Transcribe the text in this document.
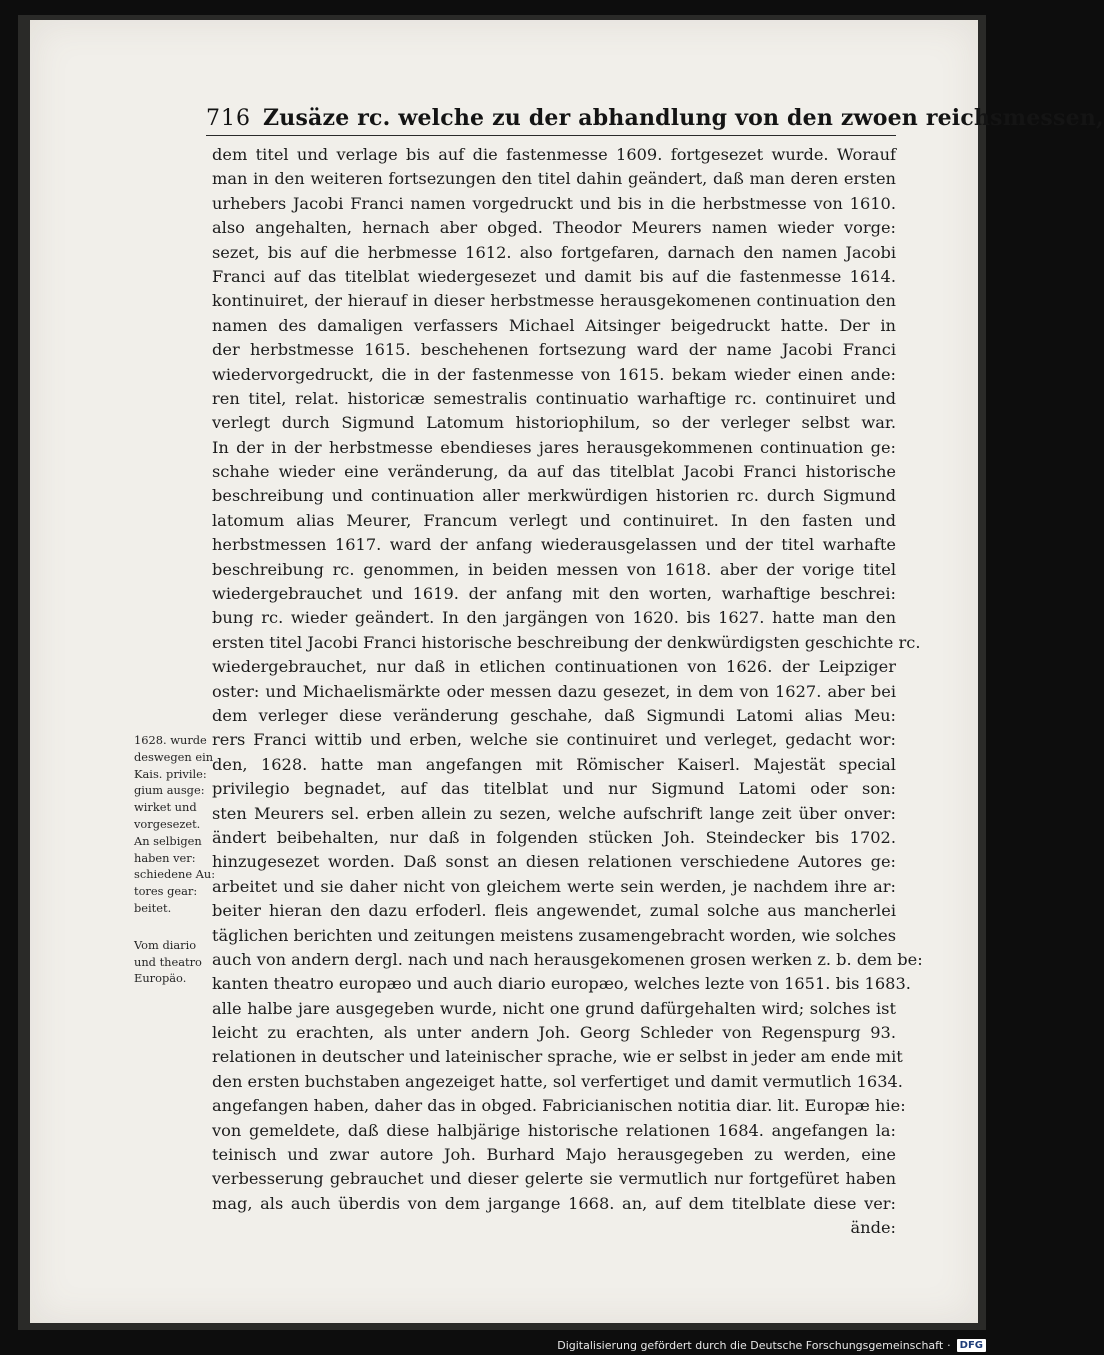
716 Zusäze rc. welche zu der abhandlung von den zwoen reichsmessen,
dem titel und verlage bis auf die fastenmesse 1609. fortgesezet wurde. Worauf
man in den weiteren fortsezungen den titel dahin geändert, daß man deren ersten
urhebers Jacobi Franci namen vorgedruckt und bis in die herbstmesse von 1610.
also angehalten, hernach aber obged. Theodor Meurers namen wieder vorge:
sezet, bis auf die herbmesse 1612. also fortgefaren, darnach den namen Jacobi
Franci auf das titelblat wiedergesezet und damit bis auf die fastenmesse 1614.
kontinuiret, der hierauf in dieser herbstmesse herausgekomenen continuation den
namen des damaligen verfassers Michael Aitsinger beigedruckt hatte. Der in
der herbstmesse 1615. beschehenen fortsezung ward der name Jacobi Franci
wiedervorgedruckt, die in der fastenmesse von 1615. bekam wieder einen ande:
ren titel, relat. historicæ semestralis continuatio warhaftige rc. continuiret und
verlegt durch Sigmund Latomum historiophilum, so der verleger selbst war.
In der in der herbstmesse ebendieses jares herausgekommenen continuation ge:
schahe wieder eine veränderung, da auf das titelblat Jacobi Franci historische
beschreibung und continuation aller merkwürdigen historien rc. durch Sigmund
latomum alias Meurer, Francum verlegt und continuiret. In den fasten und
herbstmessen 1617. ward der anfang wiederausgelassen und der titel warhafte
beschreibung rc. genommen, in beiden messen von 1618. aber der vorige titel
wiedergebrauchet und 1619. der anfang mit den worten, warhaftige beschrei:
bung rc. wieder geändert. In den jargängen von 1620. bis 1627. hatte man den
ersten titel Jacobi Franci historische beschreibung der denkwürdigsten geschichte rc.
wiedergebrauchet, nur daß in etlichen continuationen von 1626. der Leipziger
oster: und Michaelismärkte oder messen dazu gesezet, in dem von 1627. aber bei
dem verleger diese veränderung geschahe, daß Sigmundi Latomi alias Meu:
rers Franci wittib und erben, welche sie continuiret und verleget, gedacht wor:
den, 1628. hatte man angefangen mit Römischer Kaiserl. Majestät special
privilegio begnadet, auf das titelblat und nur Sigmund Latomi oder son:
sten Meurers sel. erben allein zu sezen, welche aufschrift lange zeit über onver:
ändert beibehalten, nur daß in folgenden stücken Joh. Steindecker bis 1702.
hinzugesezet worden. Daß sonst an diesen relationen verschiedene Autores ge:
arbeitet und sie daher nicht von gleichem werte sein werden, je nachdem ihre ar:
beiter hieran den dazu erfoderl. fleis angewendet, zumal solche aus mancherlei
täglichen berichten und zeitungen meistens zusamengebracht worden, wie solches
auch von andern dergl. nach und nach herausgekomenen grosen werken z. b. dem be:
kanten theatro europæo und auch diario europæo, welches lezte von 1651. bis 1683.
alle halbe jare ausgegeben wurde, nicht one grund dafürgehalten wird; solches ist
leicht zu erachten, als unter andern Joh. Georg Schleder von Regenspurg 93.
relationen in deutscher und lateinischer sprache, wie er selbst in jeder am ende mit
den ersten buchstaben angezeiget hatte, sol verfertiget und damit vermutlich 1634.
angefangen haben, daher das in obged. Fabricianischen notitia diar. lit. Europæ hie:
von gemeldete, daß diese halbjärige historische relationen 1684. angefangen la:
teinisch und zwar autore Joh. Burhard Majo herausgegeben zu werden, eine
verbesserung gebrauchet und dieser gelerte sie vermutlich nur fortgefüret haben
mag, als auch überdis von dem jargange 1668. an, auf dem titelblate diese ver:
ände:
1628. wurde
deswegen ein
Kais. privile:
gium ausge:
wirket und
vorgesezet.
An selbigen
haben ver:
schiedene Au:
tores gear:
beitet.
Vom diario
und theatro
Europäo.
Digitalisierung gefördert durch die Deutsche Forschungsgemeinschaft · DFG
